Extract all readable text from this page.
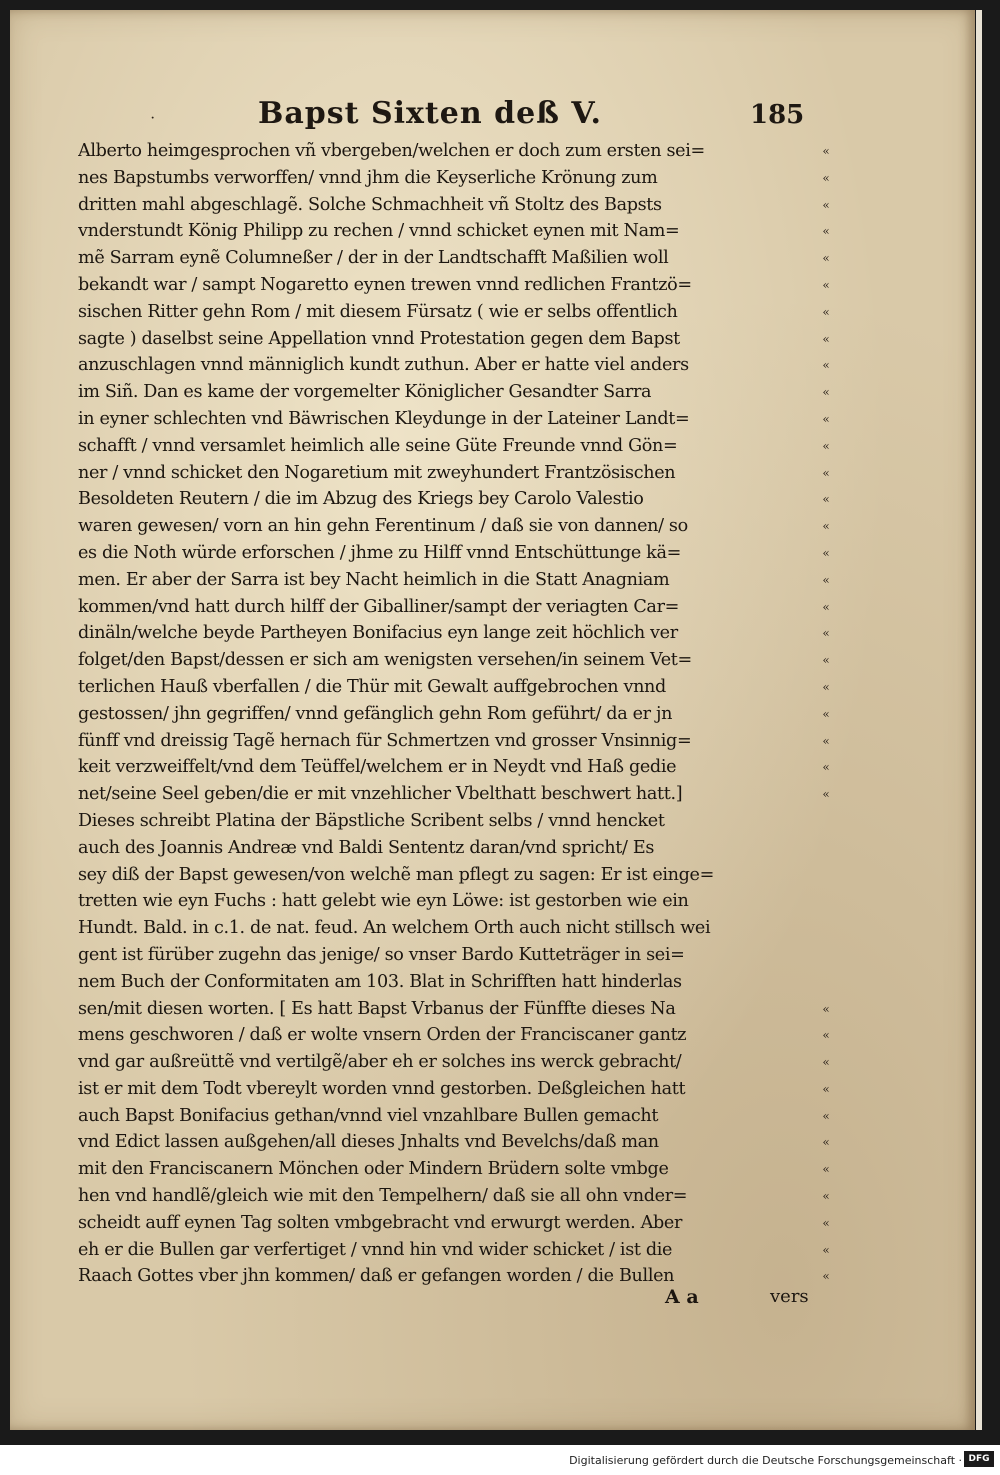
·	Bapst Sixten deß V.	185
Alberto heimgesprochen vñ vbergeben/welchen er doch zum ersten sei=
nes Bapstumbs verworffen/ vnnd jhm die Keyserliche Krönung zum
dritten mahl abgeschlagẽ. Solche Schmachheit vñ Stoltz des Bapsts
vnderstundt König Philipp zu rechen / vnnd schicket eynen mit Nam=
mẽ Sarram eynẽ Columneßer / der in der Landtschafft Maßilien woll
bekandt war / sampt Nogaretto eynen trewen vnnd redlichen Frantzö=
sischen Ritter gehn Rom / mit diesem Fürsatz ( wie er selbs offentlich
sagte ) daselbst seine Appellation vnnd Protestation gegen dem Bapst
anzuschlagen vnnd männiglich kundt zuthun. Aber er hatte viel anders
im Siñ. Dan es kame der vorgemelter Königlicher Gesandter Sarra
in eyner schlechten vnd Bäwrischen Kleydunge in der Lateiner Landt=
schafft / vnnd versamlet heimlich alle seine Güte Freunde vnnd Gön=
ner / vnnd schicket den Nogaretium mit zweyhundert Frantzösischen
Besoldeten Reutern / die im Abzug des Kriegs bey Carolo Valestio
waren gewesen/ vorn an hin gehn Ferentinum / daß sie von dannen/ so
es die Noth würde erforschen / jhme zu Hilff vnnd Entschüttunge kä=
men. Er aber der Sarra ist bey Nacht heimlich in die Statt Anagniam
kommen/vnd hatt durch hilff der Giballiner/sampt der veriagten Car=
dinäln/welche beyde Partheyen Bonifacius eyn lange zeit höchlich ver
folget/den Bapst/dessen er sich am wenigsten versehen/in seinem Vet=
terlichen Hauß vberfallen / die Thür mit Gewalt auffgebrochen vnnd
gestossen/ jhn gegriffen/ vnnd gefänglich gehn Rom geführt/ da er jn
fünff vnd dreissig Tagẽ hernach für Schmertzen vnd grosser Vnsinnig=
keit verzweiffelt/vnd dem Teüffel/welchem er in Neydt vnd Haß gedie
net/seine Seel geben/die er mit vnzehlicher Vbelthatt beschwert hatt.]
Dieses schreibt Platina der Bäpstliche Scribent selbs / vnnd hencket
auch des Joannis Andreæ vnd Baldi Sententz daran/vnd spricht/ Es
sey diß der Bapst gewesen/von welchẽ man pflegt zu sagen: Er ist einge=
tretten wie eyn Fuchs : hatt gelebt wie eyn Löwe: ist gestorben wie ein
Hundt. Bald. in c.1. de nat. feud. An welchem Orth auch nicht stillsch wei
gent ist fürüber zugehn das jenige/ so vnser Bardo Kutteträger in sei=
nem Buch der Conformitaten am 103. Blat in Schrifften hatt hinderlas
sen/mit diesen worten. [ Es hatt Bapst Vrbanus der Fünffte dieses Na
mens geschworen / daß er wolte vnsern Orden der Franciscaner gantz
vnd gar außreüttẽ vnd vertilgẽ/aber eh er solches ins werck gebracht/
ist er mit dem Todt vbereylt worden vnnd gestorben. Deßgleichen hatt
auch Bapst Bonifacius gethan/vnnd viel vnzahlbare Bullen gemacht
vnd Edict lassen außgehen/all dieses Jnhalts vnd Bevelchs/daß man
mit den Franciscanern Mönchen oder Mindern Brüdern solte vmbge
hen vnd handlẽ/gleich wie mit den Tempelhern/ daß sie all ohn vnder=
scheidt auff eynen Tag solten vmbgebracht vnd erwurgt werden. Aber
eh er die Bullen gar verfertiget / vnnd hin vnd wider schicket / ist die
Raach Gottes vber jhn kommen/ daß er gefangen worden / die Bullen
«
«
«
«
«
«
«
«
«
«
«
«
«
«
«
«
«
«
«
«
«
«
«
«
«
«
«
«
«
«
«
«
«
«
«
«
A a	vers
Digitalisierung gefördert durch die Deutsche Forschungsgemeinschaft · DFG
